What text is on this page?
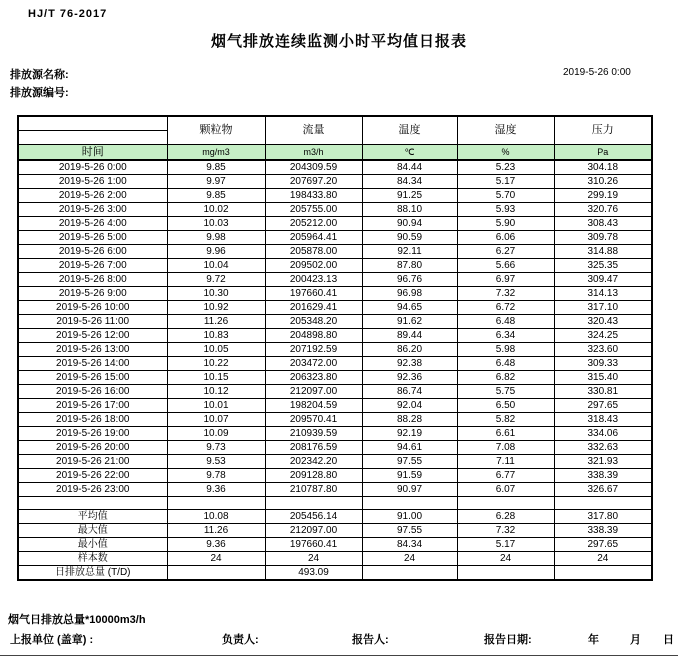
HJ/T 76-2017
烟气排放连续监测小时平均值日报表
排放源名称:	2019-5-26 0:00
排放源编号:
	颗粒物	流量	温度	湿度	压力

时间	mg/m3	m3/h	℃	%	Pa
2019-5-26 0:00	9.85	204309.59	84.44	5.23	304.18
2019-5-26 1:00	9.97	207697.20	84.34	5.17	310.26
2019-5-26 2:00	9.85	198433.80	91.25	5.70	299.19
2019-5-26 3:00	10.02	205755.00	88.10	5.93	320.76
2019-5-26 4:00	10.03	205212.00	90.94	5.90	308.43
2019-5-26 5:00	9.98	205964.41	90.59	6.06	309.78
2019-5-26 6:00	9.96	205878.00	92.11	6.27	314.88
2019-5-26 7:00	10.04	209502.00	87.80	5.66	325.35
2019-5-26 8:00	9.72	200423.13	96.76	6.97	309.47
2019-5-26 9:00	10.30	197660.41	96.98	7.32	314.13
2019-5-26 10:00	10.92	201629.41	94.65	6.72	317.10
2019-5-26 11:00	11.26	205348.20	91.62	6.48	320.43
2019-5-26 12:00	10.83	204898.80	89.44	6.34	324.25
2019-5-26 13:00	10.05	207192.59	86.20	5.98	323.60
2019-5-26 14:00	10.22	203472.00	92.38	6.48	309.33
2019-5-26 15:00	10.15	206323.80	92.36	6.82	315.40
2019-5-26 16:00	10.12	212097.00	86.74	5.75	330.81
2019-5-26 17:00	10.01	198204.59	92.04	6.50	297.65
2019-5-26 18:00	10.07	209570.41	88.28	5.82	318.43
2019-5-26 19:00	10.09	210939.59	92.19	6.61	334.06
2019-5-26 20:00	9.73	208176.59	94.61	7.08	332.63
2019-5-26 21:00	9.53	202342.20	97.55	7.11	321.93
2019-5-26 22:00	9.78	209128.80	91.59	6.77	338.39
2019-5-26 23:00	9.36	210787.80	90.97	6.07	326.67

平均值	10.08	205456.14	91.00	6.28	317.80
最大值	11.26	212097.00	97.55	7.32	338.39
最小值	9.36	197660.41	84.34	5.17	297.65
样本数	24	24	24	24	24
日排放总量 (T/D)		493.09			
烟气日排放总量*10000m3/h
上报单位 (盖章) :	负责人:	报告人:	报告日期:	年	月 日
